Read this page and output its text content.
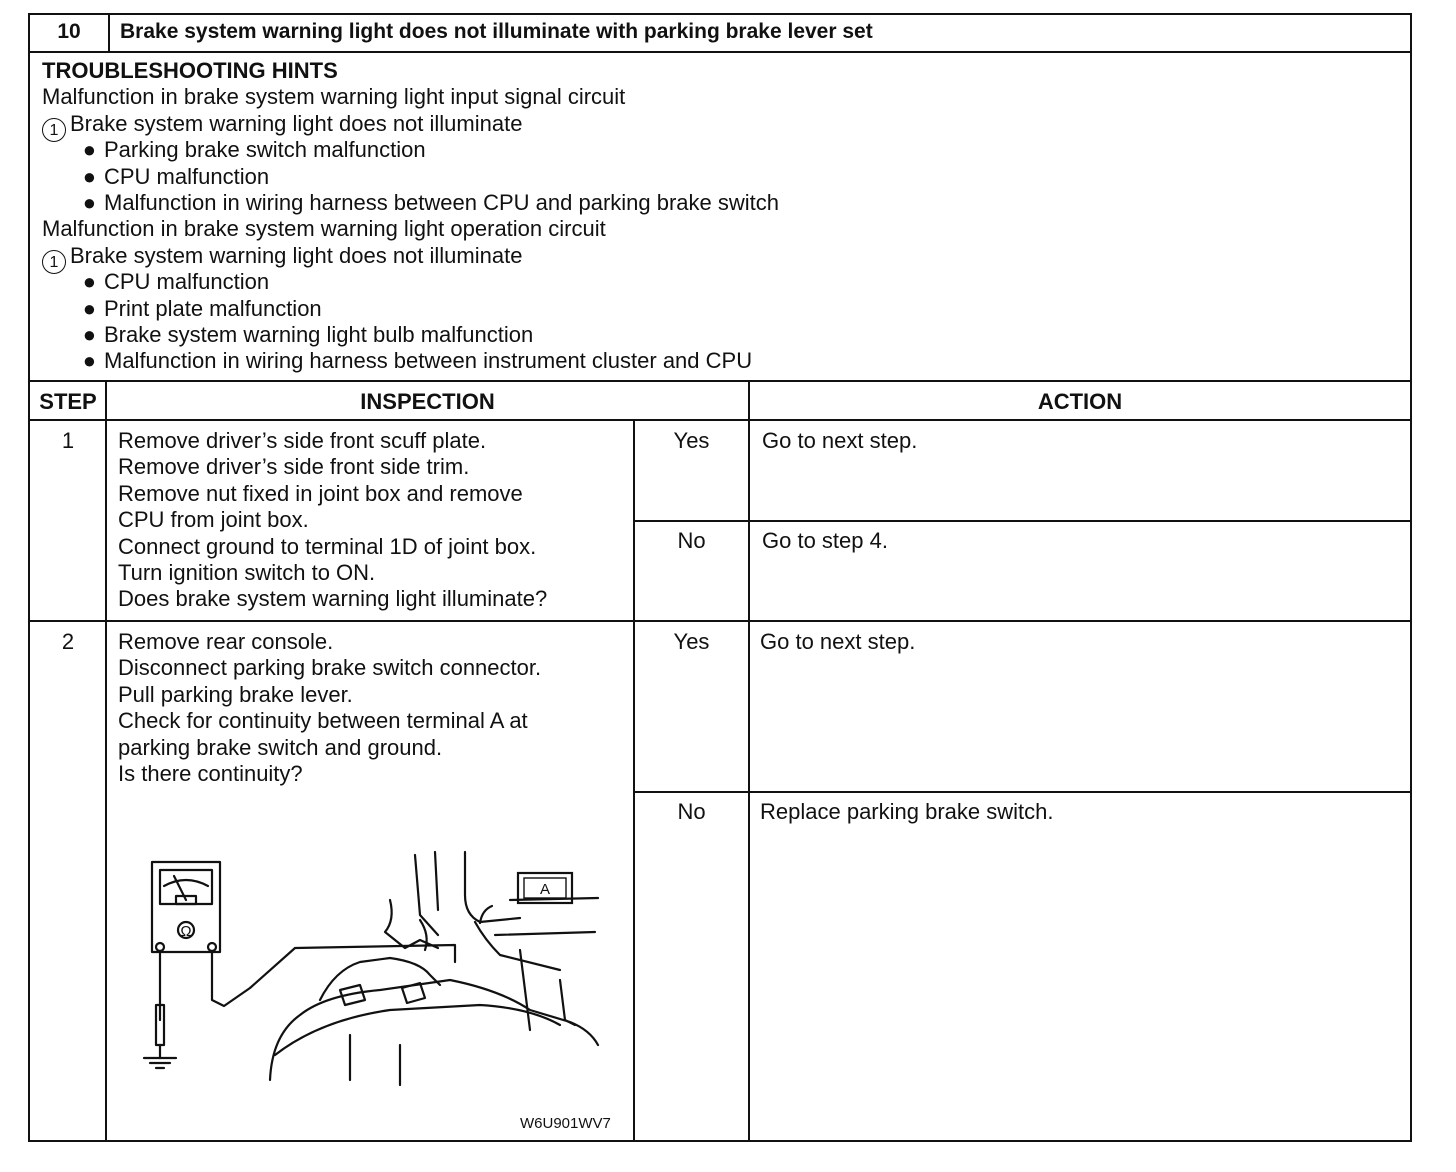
10	Brake system warning light does not illuminate with parking brake lever set
TROUBLESHOOTING HINTS
Malfunction in brake system warning light input signal circuit
1 Brake system warning light does not illuminate
● Parking brake switch malfunction
● CPU malfunction
● Malfunction in wiring harness between CPU and parking brake switch
Malfunction in brake system warning light operation circuit
1 Brake system warning light does not illuminate
● CPU malfunction
● Print plate malfunction
● Brake system warning light bulb malfunction
● Malfunction in wiring harness between instrument cluster and CPU
STEP	INSPECTION	ACTION
1	Remove driver’s side front scuff plate.
Remove driver’s side front side trim.
Remove nut fixed in joint box and remove
CPU from joint box.
Connect ground to terminal 1D of joint box.
Turn ignition switch to ON.
Does brake system warning light illuminate?
Yes	Go to next step.
No	Go to step 4.
2	Remove rear console.
Disconnect parking brake switch connector.
Pull parking brake lever.
Check for continuity between terminal A at
parking brake switch and ground.
Is there continuity?
Yes	Go to next step.
No	Replace parking brake switch.
A
Ω
W6U901WV7
